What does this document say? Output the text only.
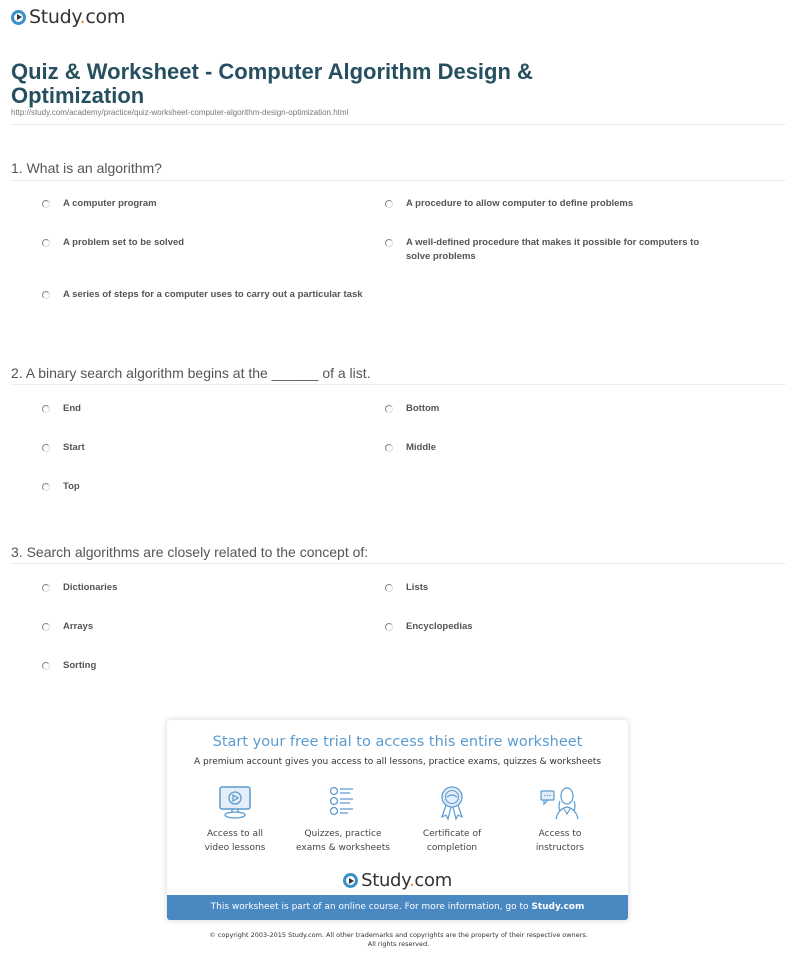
Study.com
Quiz & Worksheet - Computer Algorithm Design & Optimization
http://study.com/academy/practice/quiz-worksheet-computer-algorithm-design-optimization.html
1. What is an algorithm?
A computer program	A procedure to allow computer to define problems
A problem set to be solved	A well-defined procedure that makes it possible for computers to solve problems
A series of steps for a computer uses to carry out a particular task
2. A binary search algorithm begins at the ______ of a list.
End	Bottom
Start	Middle
Top
3. Search algorithms are closely related to the concept of:
Dictionaries	Lists
Arrays	Encyclopedias
Sorting
Start your free trial to access this entire worksheet
A premium account gives you access to all lessons, practice exams, quizzes & worksheets
Access to all
video lessons
Quizzes, practice
exams & worksheets
Certificate of
completion
Access to
instructors
Study.com
This worksheet is part of an online course. For more information, go to Study.com
© copyright 2003-2015 Study.com. All other trademarks and copyrights are the property of their respective owners.
All rights reserved.
